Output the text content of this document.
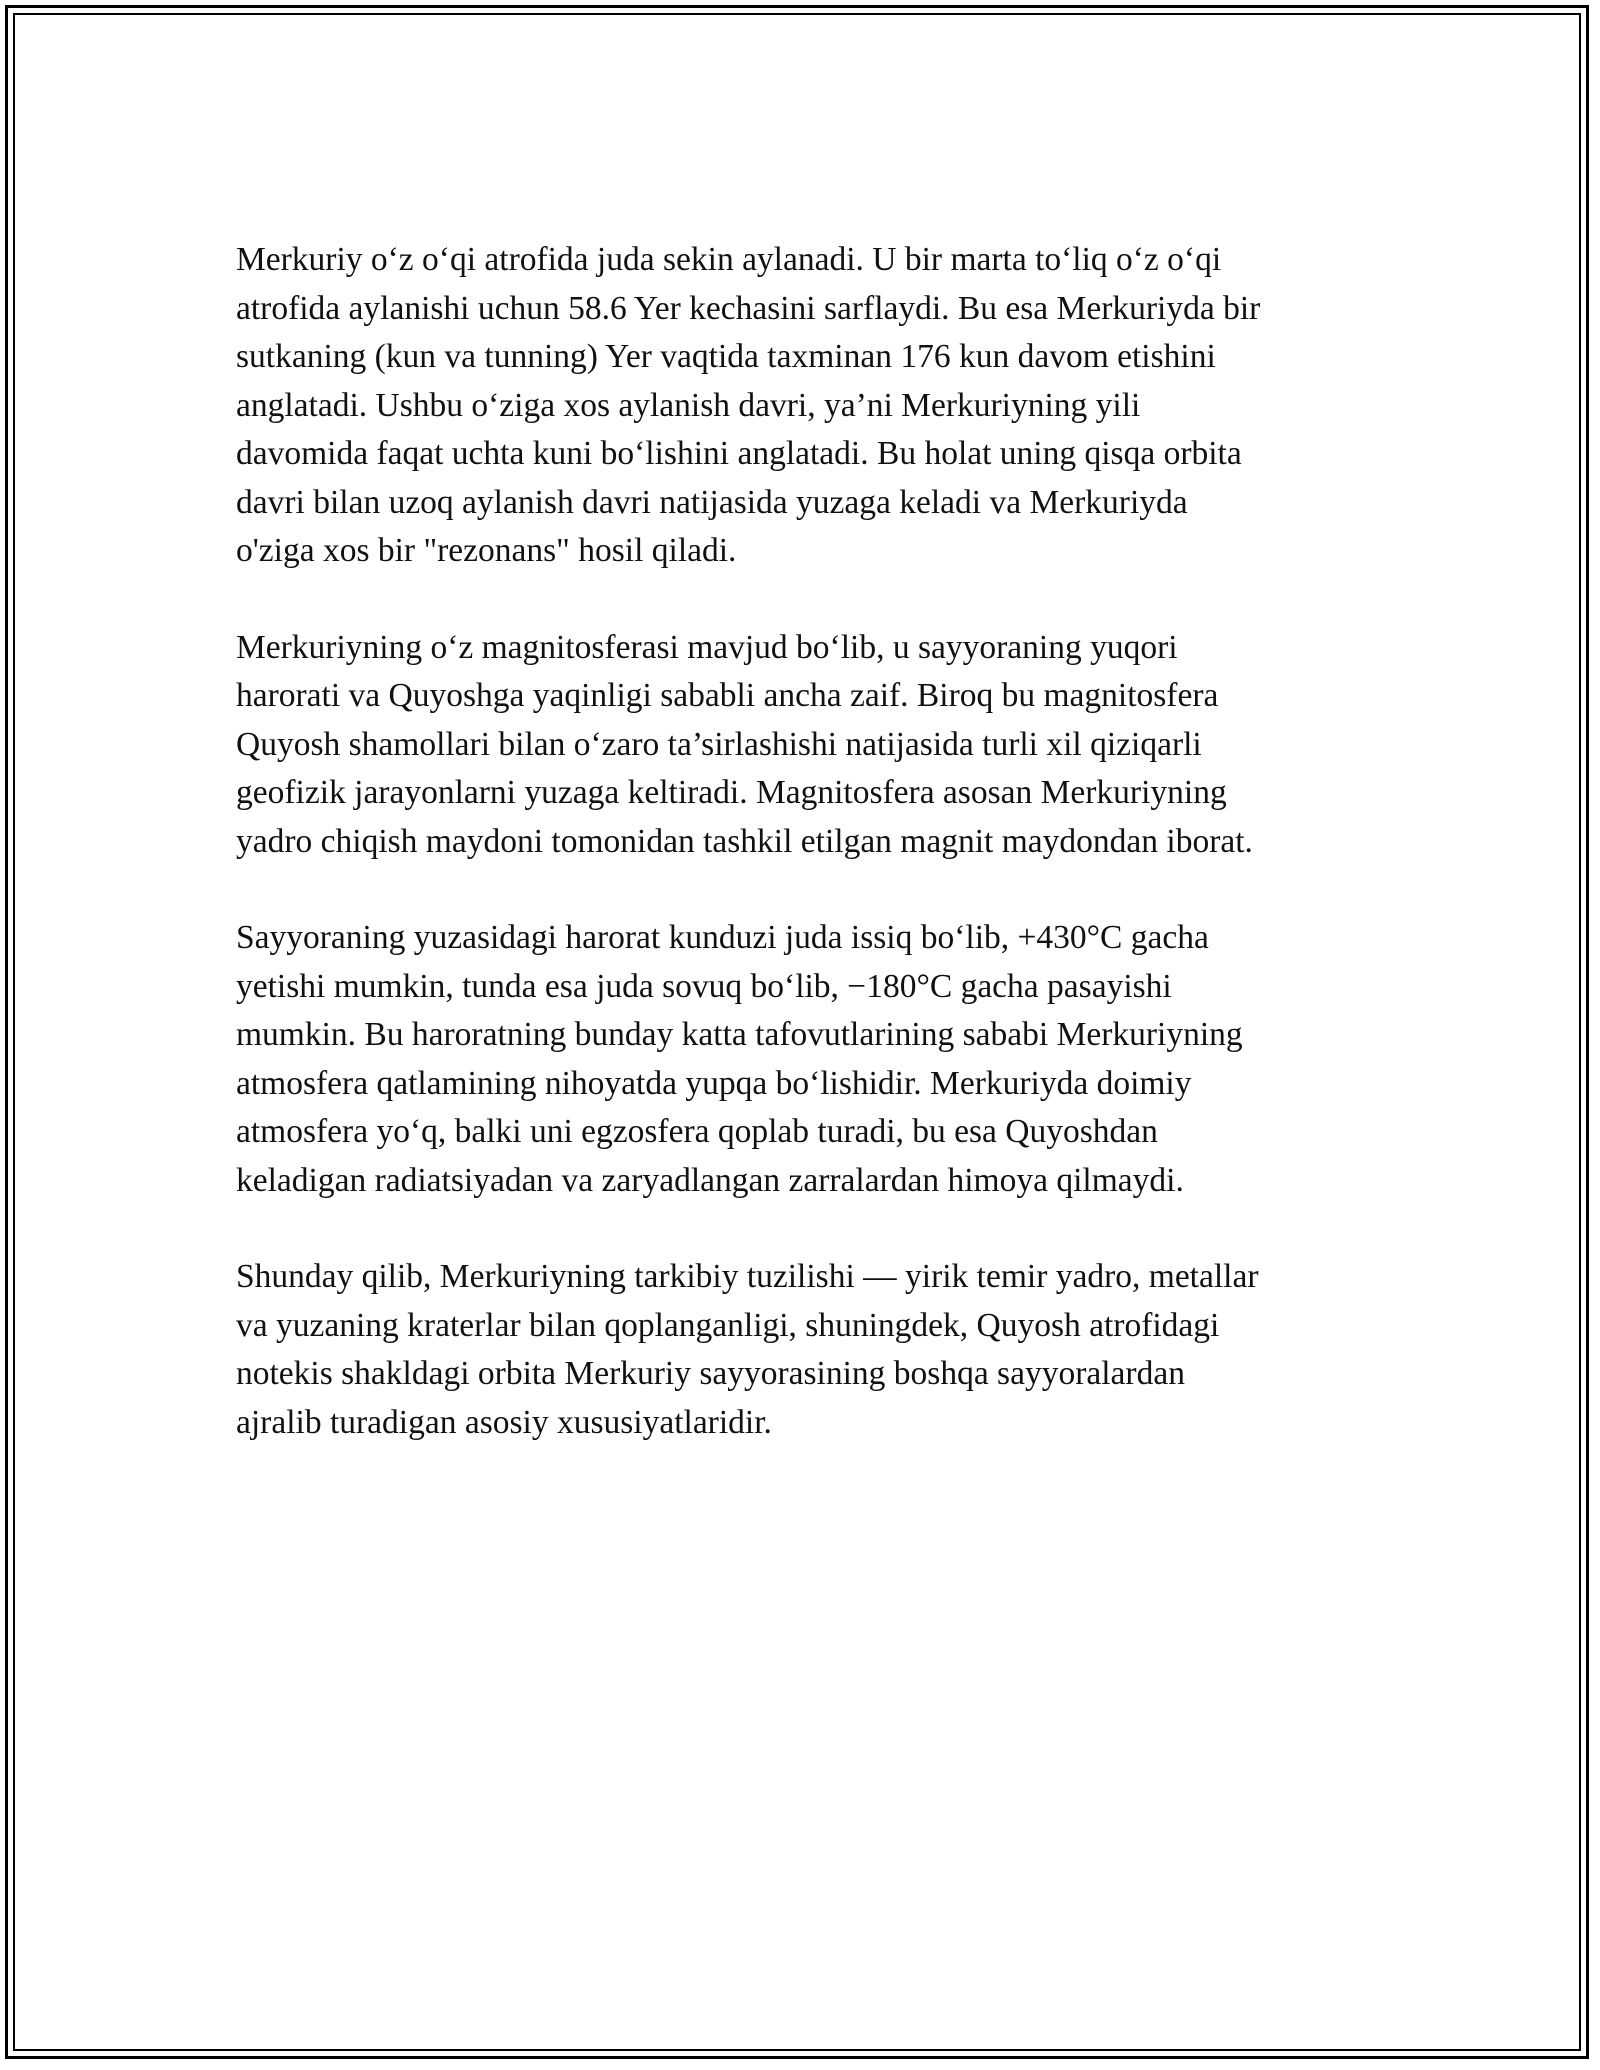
Merkuriy o‘z o‘qi atrofida juda sekin aylanadi. U bir marta to‘liq o‘z o‘qi
atrofida aylanishi uchun 58.6 Yer kechasini sarflaydi. Bu esa Merkuriyda bir
sutkaning (kun va tunning) Yer vaqtida taxminan 176 kun davom etishini
anglatadi. Ushbu o‘ziga xos aylanish davri, ya’ni Merkuriyning yili
davomida faqat uchta kuni bo‘lishini anglatadi. Bu holat uning qisqa orbita
davri bilan uzoq aylanish davri natijasida yuzaga keladi va Merkuriyda
o'ziga xos bir "rezonans" hosil qiladi.

Merkuriyning o‘z magnitosferasi mavjud bo‘lib, u sayyoraning yuqori
harorati va Quyoshga yaqinligi sababli ancha zaif. Biroq bu magnitosfera
Quyosh shamollari bilan o‘zaro ta’sirlashishi natijasida turli xil qiziqarli
geofizik jarayonlarni yuzaga keltiradi. Magnitosfera asosan Merkuriyning
yadro chiqish maydoni tomonidan tashkil etilgan magnit maydondan iborat.

Sayyoraning yuzasidagi harorat kunduzi juda issiq bo‘lib, +430°C gacha
yetishi mumkin, tunda esa juda sovuq bo‘lib, −180°C gacha pasayishi
mumkin. Bu haroratning bunday katta tafovutlarining sababi Merkuriyning
atmosfera qatlamining nihoyatda yupqa bo‘lishidir. Merkuriyda doimiy
atmosfera yo‘q, balki uni egzosfera qoplab turadi, bu esa Quyoshdan
keladigan radiatsiyadan va zaryadlangan zarralardan himoya qilmaydi.

Shunday qilib, Merkuriyning tarkibiy tuzilishi — yirik temir yadro, metallar
va yuzaning kraterlar bilan qoplanganligi, shuningdek, Quyosh atrofidagi
notekis shakldagi orbita Merkuriy sayyorasining boshqa sayyoralardan
ajralib turadigan asosiy xususiyatlaridir.
